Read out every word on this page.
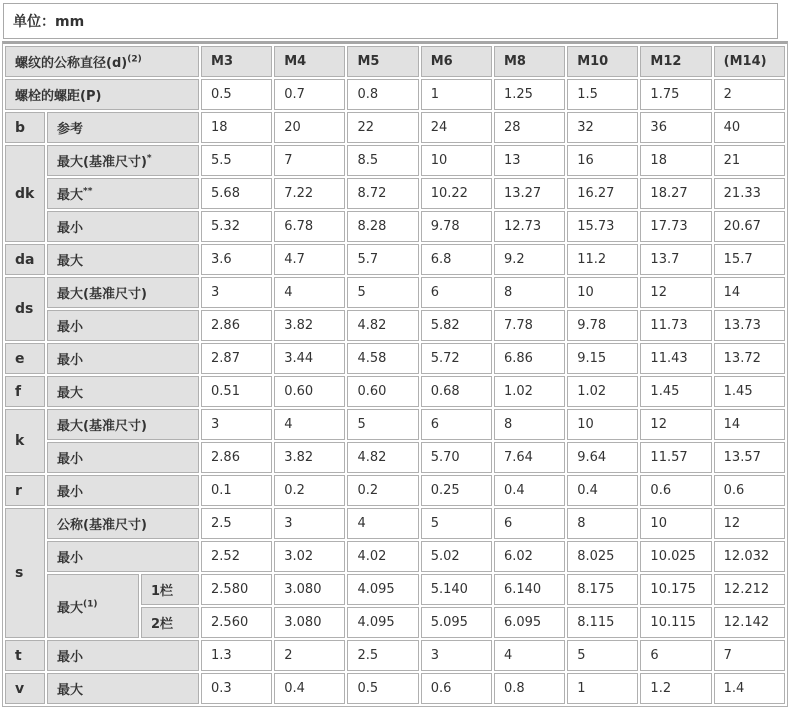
单位：mm
螺纹的公称直径$(d)^{(2)}$			M3	M4	M5	M6	M8	M10	M12	(M14)
螺栓的螺距(P)			0.5	0.7	0.8	1	1.25	1.5	1.75	2
b	参考		18	20	22	24	28	32	36	40
dk	最大(基准尺寸)*		5.5	7	8.5	10	13	16	18	21
	最大**		5.68	7.22	8.72	10.22	13.27	16.27	18.27	21.33
	最小		5.32	6.78	8.28	9.78	12.73	15.73	17.73	20.67
da	最大		3.6	4.7	5.7	6.8	9.2	11.2	13.7	15.7
ds	最大(基准尺寸)		3	4	5	6	8	10	12	14
	最小		2.86	3.82	4.82	5.82	7.78	9.78	11.73	13.73
e	最小		2.87	3.44	4.58	5.72	6.86	9.15	11.43	13.72
f	最大		0.51	0.60	0.60	0.68	1.02	1.02	1.45	1.45
k	最大(基准尺寸)		3	4	5	6	8	10	12	14
	最小		2.86	3.82	4.82	5.70	7.64	9.64	11.57	13.57
r	最小		0.1	0.2	0.2	0.25	0.4	0.4	0.6	0.6
s	公称(基准尺寸)		2.5	3	4	5	6	8	10	12
	最小		2.52	3.02	4.02	5.02	6.02	8.025	10.025	12.032
	最大$^{(1)}$	1栏	2.580	3.080	4.095	5.140	6.140	8.175	10.175	12.212
		2栏	2.560	3.080	4.095	5.095	6.095	8.115	10.115	12.142
t	最小		1.3	2	2.5	3	4	5	6	7
v	最大		0.3	0.4	0.5	0.6	0.8	1	1.2	1.4
